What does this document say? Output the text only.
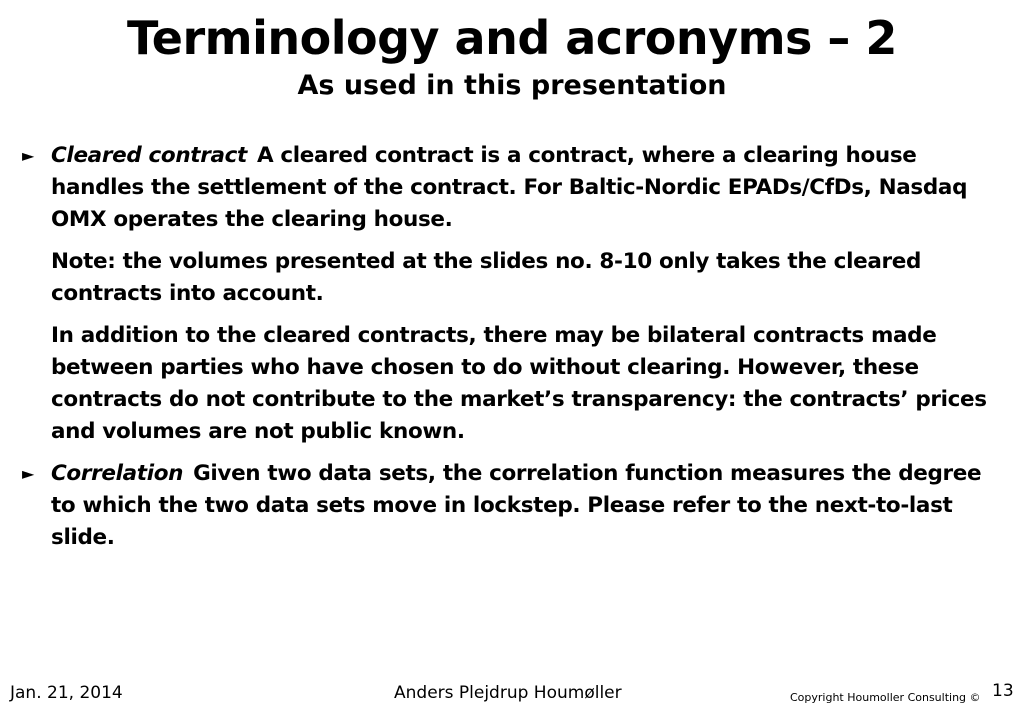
Terminology and acronyms – 2
As used in this presentation
► Cleared contract A cleared contract is a contract, where a clearing house handles the settlement of the contract. For Baltic-Nordic EPADs/CfDs, Nasdaq OMX operates the clearing house.
Note: the volumes presented at the slides no. 8-10 only takes the cleared contracts into account.
In addition to the cleared contracts, there may be bilateral contracts made between parties who have chosen to do without clearing. However, these contracts do not contribute to the market’s transparency: the contracts’ prices and volumes are not public known.
► Correlation Given two data sets, the correlation function measures the degree to which the two data sets move in lockstep. Please refer to the next-to-last slide.
Jan. 21, 2014	Anders Plejdrup Houmøller	Copyright Houmoller Consulting © 13
